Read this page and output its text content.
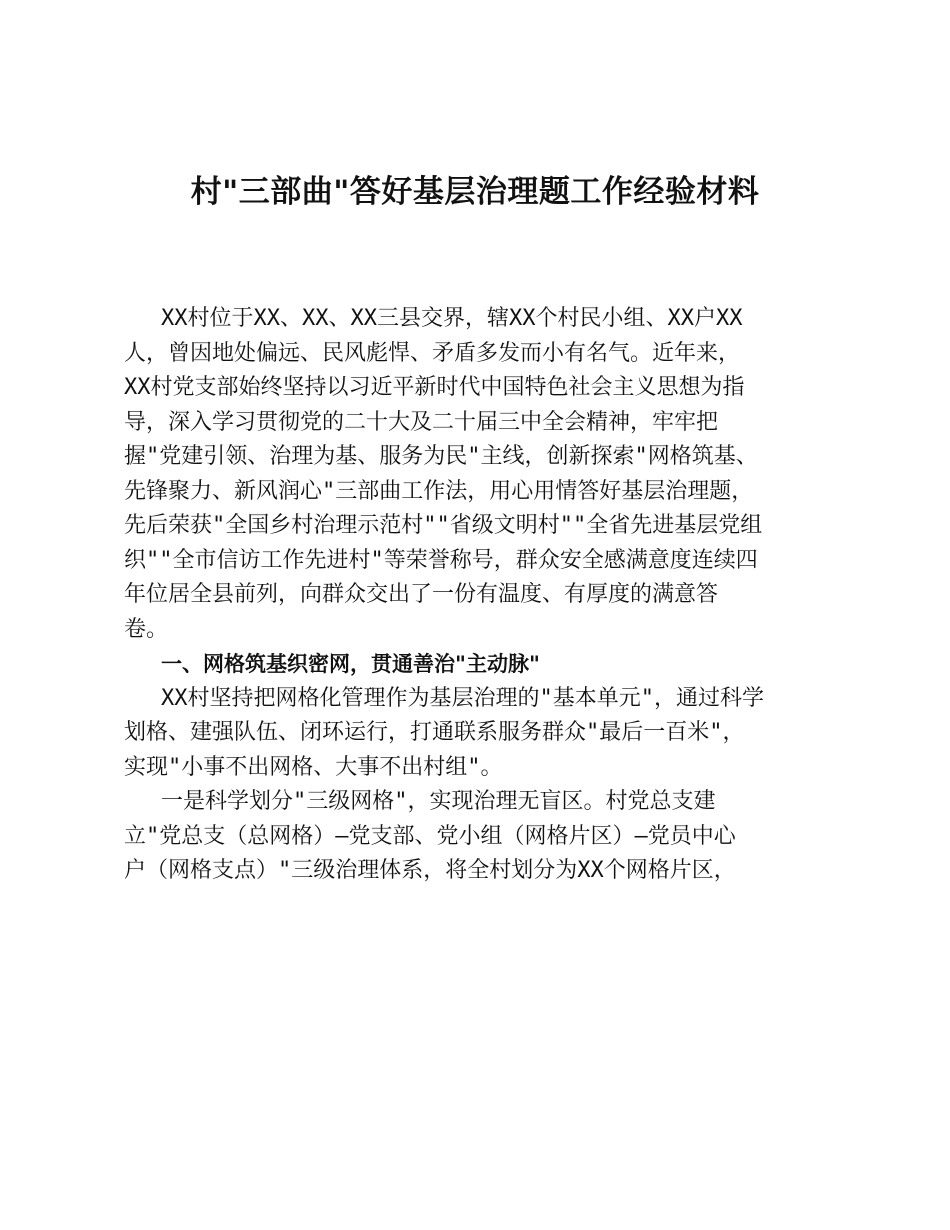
村"三部曲"答好基层治理题工作经验材料
XX村位于XX、XX、XX三县交界，辖XX个村民小组、XX户XX
人，曾因地处偏远、民风彪悍、矛盾多发而小有名气。近年来，
XX村党支部始终坚持以习近平新时代中国特色社会主义思想为指
导，深入学习贯彻党的二十大及二十届三中全会精神，牢牢把
握"党建引领、治理为基、服务为民"主线，创新探索"网格筑基、
先锋聚力、新风润心"三部曲工作法，用心用情答好基层治理题，
先后荣获"全国乡村治理示范村""省级文明村""全省先进基层党组
织""全市信访工作先进村"等荣誉称号，群众安全感满意度连续四
年位居全县前列，向群众交出了一份有温度、有厚度的满意答
卷。
一、网格筑基织密网，贯通善治"主动脉"
XX村坚持把网格化管理作为基层治理的"基本单元"，通过科学
划格、建强队伍、闭环运行，打通联系服务群众"最后一百米"，
实现"小事不出网格、大事不出村组"。
一是科学划分"三级网格"，实现治理无盲区。村党总支建
立"党总支（总网格）—党支部、党小组（网格片区）—党员中心
户（网格支点）"三级治理体系，将全村划分为XX个网格片区，
